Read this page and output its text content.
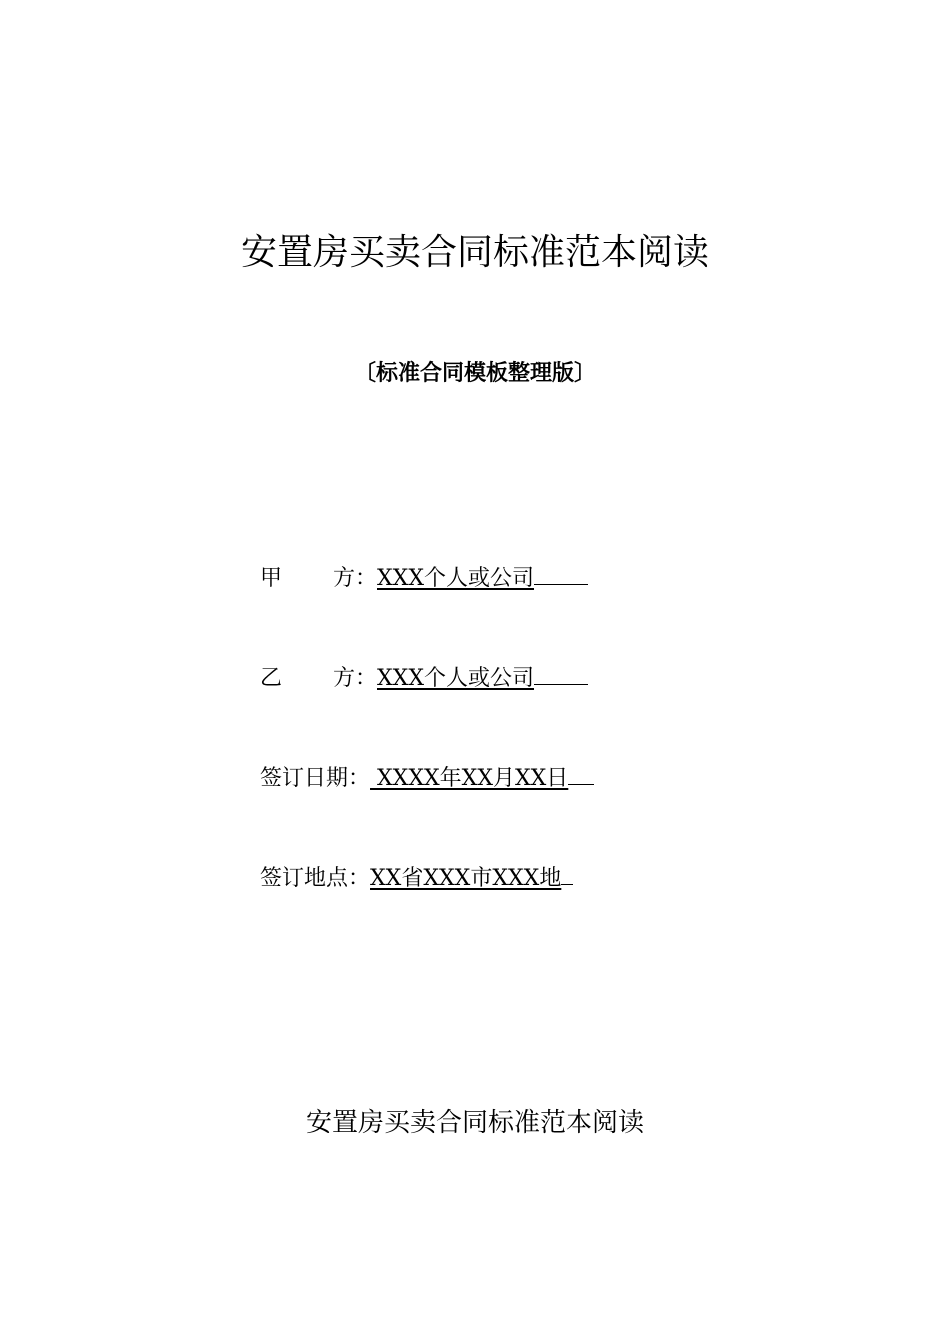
安置房买卖合同标准范本阅读
〔标准合同模板整理版〕
甲　　 方：XXX个人或公司
乙　　 方：XXX个人或公司
签订日期： XXXX年XX月XX日
签订地点：XX省XXX市XXX地
安置房买卖合同标准范本阅读
